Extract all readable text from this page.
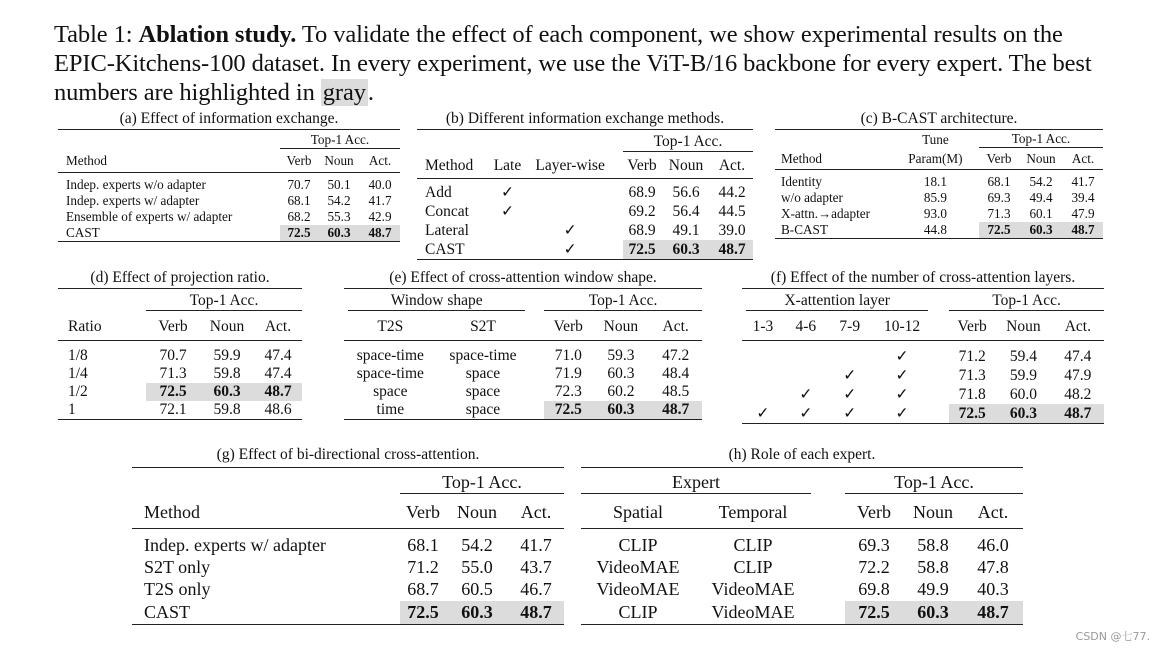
Table 1: Ablation study. To validate the effect of each component, we show experimental results on the EPIC-Kitchens-100 dataset. In every experiment, we use the ViT-B/16 backbone for every expert. The best numbers are highlighted in gray.
(a) Effect of information exchange.

		Top-1 Acc.		

Method		Verb	Noun	Act.
Indep. experts w/o adapter		70.7	50.1	40.0
Indep. experts w/ adapter		68.1	54.2	41.7
Ensemble of experts w/ adapter		68.2	55.3	42.9
CAST		72.5	60.3	48.7
(b) Different information exchange methods.

				Top-1 Acc.		

Method	Late	Layer-wise		Verb	Noun	Act.
Add	✓			68.9	56.6	44.2
Concat	✓			69.2	56.4	44.5
Lateral		✓		68.9	49.1	39.0
CAST		✓		72.5	60.3	48.7
(c) B-CAST architecture.
	Tune		Top-1 Acc.		

Method	Param(M)		Verb	Noun	Act.
Identity	18.1		68.1	54.2	41.7
w/o adapter	85.9		69.3	49.4	39.4
X-attn.→adapter	93.0		71.3	60.1	47.9
B-CAST	44.8		72.5	60.3	48.7
(d) Effect of projection ratio.

		Top-1 Acc.		

Ratio		Verb	Noun	Act.
1/8		70.7	59.9	47.4
1/4		71.3	59.8	47.4
1/2		72.5	60.3	48.7
1		72.1	59.8	48.6
(e) Effect of cross-attention window shape.
Window shape			Top-1 Acc.		

T2S	S2T		Verb	Noun	Act.
space-time	space-time		71.0	59.3	47.2
space-time	space		71.9	60.3	48.4
space	space		72.3	60.2	48.5
time	space		72.5	60.3	48.7
(f) Effect of the number of cross-attention layers.
X-attention layer					Top-1 Acc.		

1-3	4-6	7-9	10-12		Verb	Noun	Act.
			✓		71.2	59.4	47.4
		✓	✓		71.3	59.9	47.9
	✓	✓	✓		71.8	60.0	48.2
✓	✓	✓	✓		72.5	60.3	48.7
(g) Effect of bi-directional cross-attention.

		Top-1 Acc.		

Method		Verb	Noun	Act.
Indep. experts w/ adapter		68.1	54.2	41.7
S2T only		71.2	55.0	43.7
T2S only		68.7	60.5	46.7
CAST		72.5	60.3	48.7
(h) Role of each expert.
Expert			Top-1 Acc.		

Spatial	Temporal		Verb	Noun	Act.
CLIP	CLIP		69.3	58.8	46.0
VideoMAE	CLIP		72.2	58.8	47.8
VideoMAE	VideoMAE		69.8	49.9	40.3
CLIP	VideoMAE		72.5	60.3	48.7
CSDN @七77.
